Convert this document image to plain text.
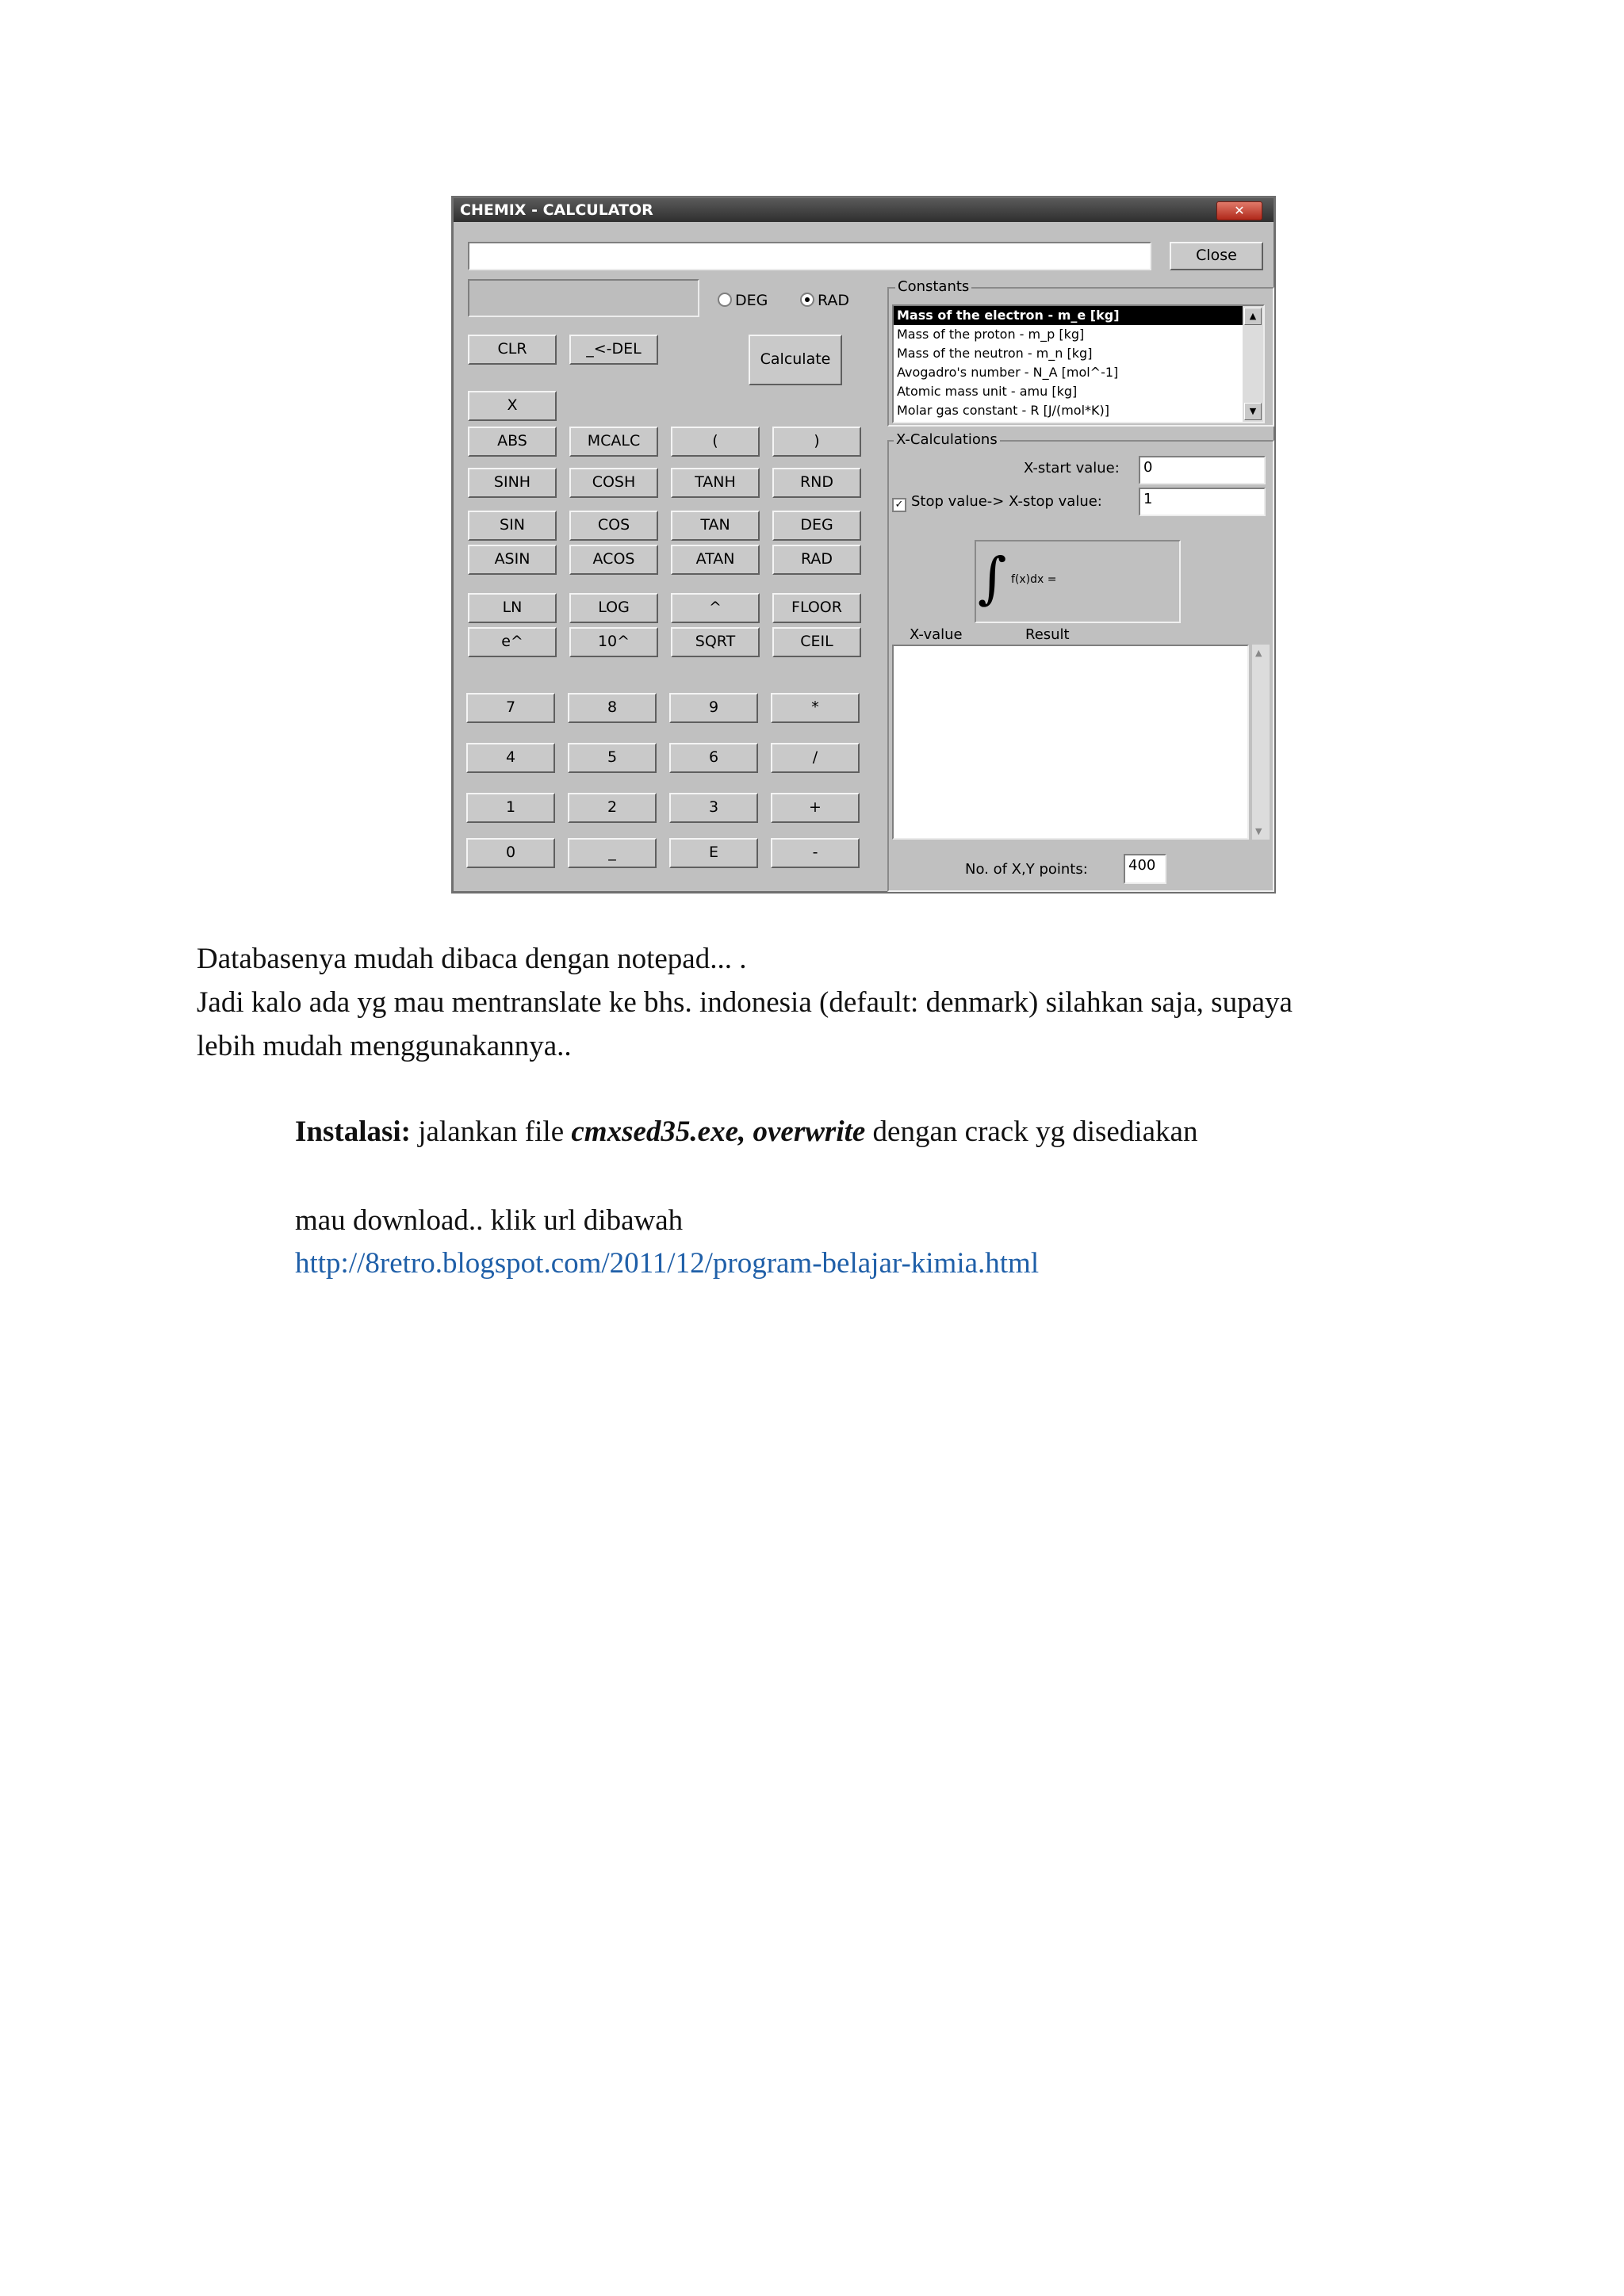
CHEMIX - CALCULATOR	✕
Close
DEG	RAD
CLR	_<-DEL
Calculate
X
ABS	MCALC	(	)
SINH	COSH	TANH	RND
SIN	COS	TAN	DEG
ASIN	ACOS	ATAN	RAD
LN	LOG	^	FLOOR
e^	10^	SQRT	CEIL
7	8	9	*
4	5	6	/
1	2	3	+
0	_	E	-
Constants
Mass of the electron - m_e [kg]
Mass of the proton - m_p [kg]
Mass of the neutron - m_n [kg]
Avogadro's number - N_A [mol^-1]
Atomic mass unit - amu [kg]
Molar gas constant - R [J/(mol*K)]
▲
▼
X-Calculations
X-start value:	0
✓ Stop value-> X-stop value:	1
∫ f(x)dx =
X-value	Result
▲
▼
No. of X,Y points:	400
Databasenya mudah dibaca dengan notepad... .
Jadi kalo ada yg mau mentranslate ke bhs. indonesia (default: denmark) silahkan saja, supaya
lebih mudah menggunakannya..
Instalasi: jalankan file cmxsed35.exe, overwrite dengan crack yg disediakan
mau download.. klik url dibawah
http://8retro.blogspot.com/2011/12/program-belajar-kimia.html
